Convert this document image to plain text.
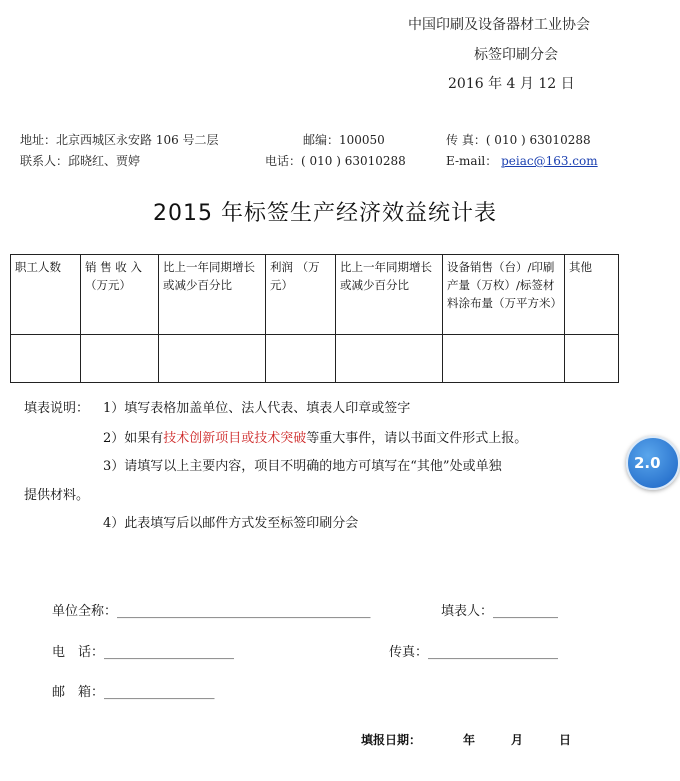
中国印刷及设备器材工业协会
标签印刷分会
2016 年 4 月 12 日
地址：北京西城区永安路 106 号二层	邮编：100050	传 真：( 010 ) 63010288
联系人：邱晓红、贾婷	电话：( 010 ) 63010288	E-mail： peiac@163.com
2015 年标签生产经济效益统计表
职工人数	销 售 收 入（万元）	比上一年同期增长或减少百分比	利润 （万元）	比上一年同期增长或减少百分比	设备销售（台）/印刷产量（万枚）/标签材料涂布量（万平方米）	其他

填表说明： 1）填写表格加盖单位、法人代表、填表人印章或签字
2）如果有技术创新项目或技术突破等重大事件，请以书面文件形式上报。
3）请填写以上主要内容，项目不明确的地方可填写在“其他”处或单独
提供材料。
4）此表填写后以邮件方式发至标签印刷分会
单位全称：_______________________________________	填表人：__________
电　话：____________________	传真：____________________
邮　箱：_________________
填报日期：　　　　年　　　月　　　日
2.0
